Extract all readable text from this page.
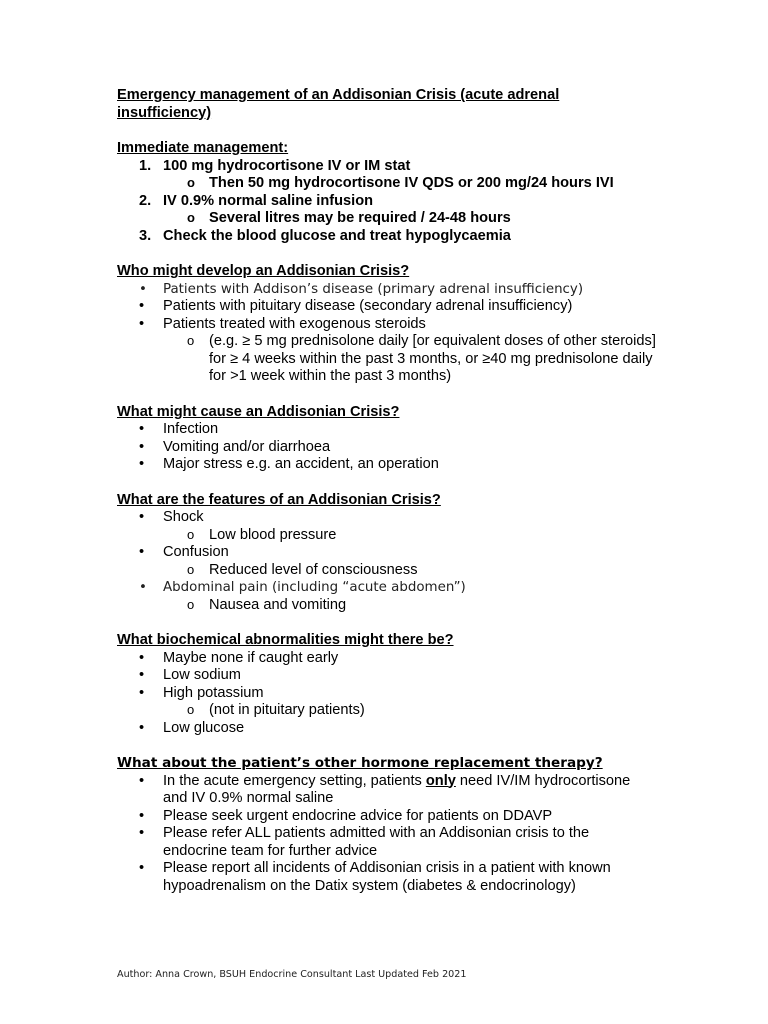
Emergency management of an Addisonian Crisis (acute adrenal insufficiency)

Immediate management:

1. 100 mg hydrocortisone IV or IM stat
o Then 50 mg hydrocortisone IV QDS or 200 mg/24 hours IVI
2. IV 0.9% normal saline infusion
o Several litres may be required / 24-48 hours
3. Check the blood glucose and treat hypoglycaemia

Who might develop an Addisonian Crisis?

• Patients with Addison’s disease (primary adrenal insufficiency)
• Patients with pituitary disease (secondary adrenal insufficiency)
• Patients treated with exogenous steroids
o (e.g. ≥ 5 mg prednisolone daily [or equivalent doses of other steroids] for ≥ 4 weeks within the past 3 months, or ≥40 mg prednisolone daily for >1 week within the past 3 months)

What might cause an Addisonian Crisis?

• Infection
• Vomiting and/or diarrhoea
• Major stress e.g. an accident, an operation

What are the features of an Addisonian Crisis?

• Shock
o Low blood pressure
• Confusion
o Reduced level of consciousness
• Abdominal pain (including “acute abdomen”)
o Nausea and vomiting

What biochemical abnormalities might there be?

• Maybe none if caught early
• Low sodium
• High potassium
o (not in pituitary patients)
• Low glucose

What about the patient’s other hormone replacement therapy?

• In the acute emergency setting, patients only need IV/IM hydrocortisone and IV 0.9% normal saline
• Please seek urgent endocrine advice for patients on DDAVP
• Please refer ALL patients admitted with an Addisonian crisis to the endocrine team for further advice
• Please report all incidents of Addisonian crisis in a patient with known hypoadrenalism on the Datix system (diabetes & endocrinology)
Author: Anna Crown, BSUH Endocrine Consultant Last Updated Feb 2021
